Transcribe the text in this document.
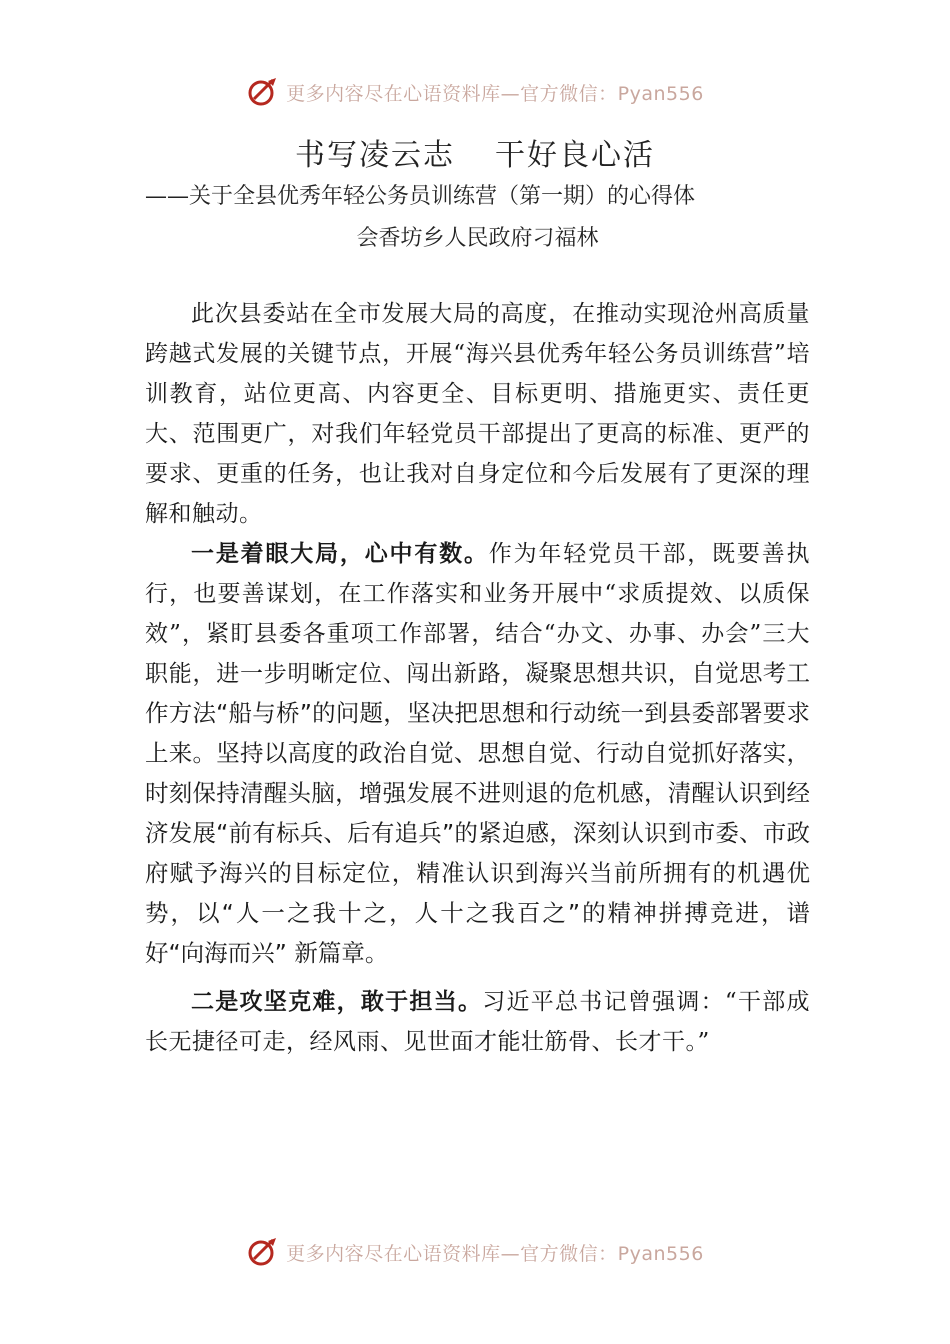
更多内容尽在心语资料库—官方微信：Pyan556
书写凌云志 干好良心活
——关于全县优秀年轻公务员训练营（第一期）的心得体
会香坊乡人民政府刁福林

此次县委站在全市发展大局的高度，在推动实现沧州高质量跨越式发展的关键节点，开展“海兴县优秀年轻公务员训练营”培训教育，站位更高、内容更全、目标更明、措施更实、责任更大、范围更广，对我们年轻党员干部提出了更高的标准、更严的要求、更重的任务，也让我对自身定位和今后发展有了更深的理解和触动。

一是着眼大局，心中有数。作为年轻党员干部，既要善执行，也要善谋划，在工作落实和业务开展中“求质提效、以质保效”，紧盯县委各重项工作部署，结合“办文、办事、办会”三大职能，进一步明晰定位、闯出新路，凝聚思想共识，自觉思考工作方法“船与桥”的问题，坚决把思想和行动统一到县委部署要求上来。坚持以高度的政治自觉、思想自觉、行动自觉抓好落实，时刻保持清醒头脑，增强发展不进则退的危机感，清醒认识到经济发展“前有标兵、后有追兵”的紧迫感，深刻认识到市委、市政府赋予海兴的目标定位，精准认识到海兴当前所拥有的机遇优势，以“人一之我十之，人十之我百之”的精神拼搏竞进，谱好“向海而兴” 新篇章。

二是攻坚克难，敢于担当。习近平总书记曾强调：“干部成长无捷径可走，经风雨、见世面才能壮筋骨、长才干。”

更多内容尽在心语资料库—官方微信：Pyan556
